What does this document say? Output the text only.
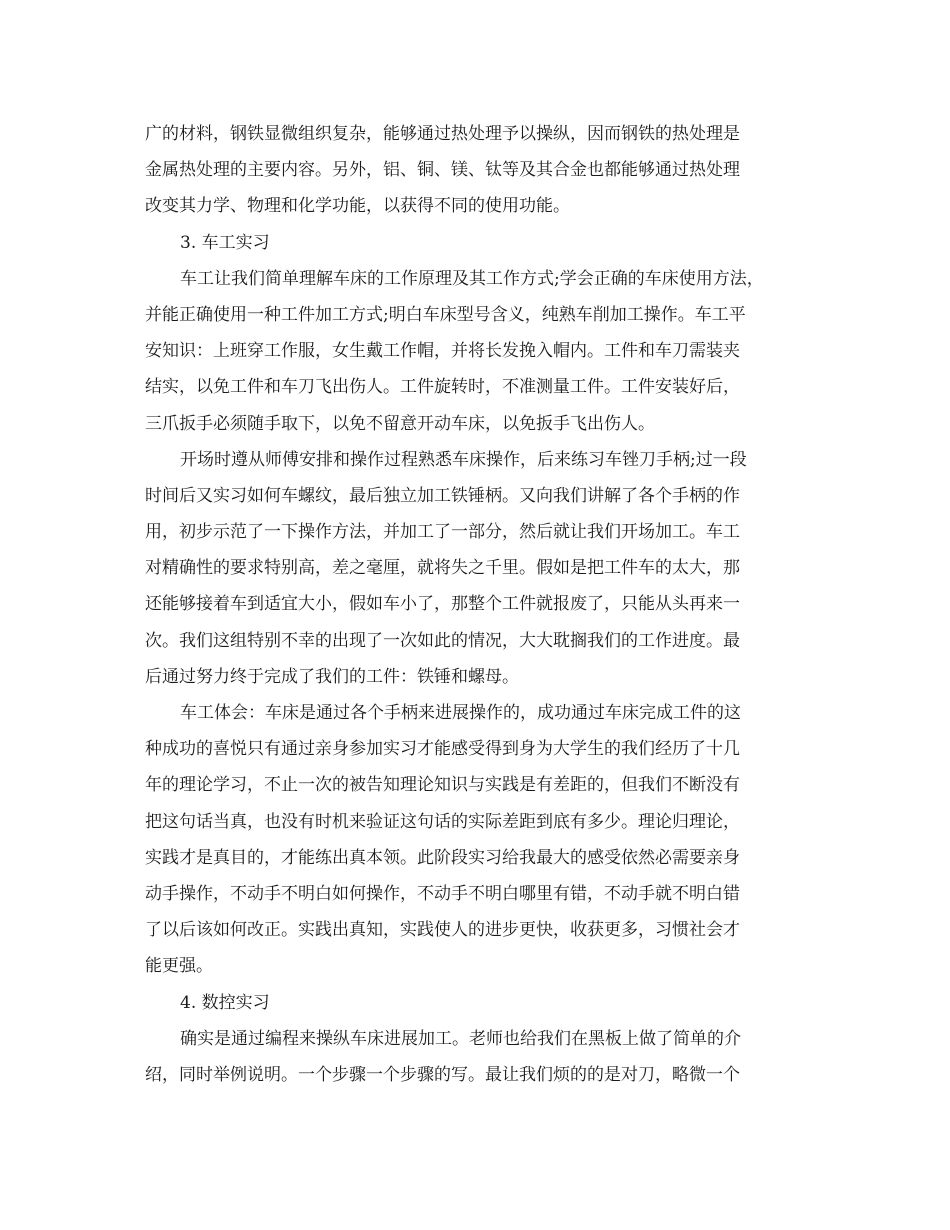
广的材料，钢铁显微组织复杂，能够通过热处理予以操纵，因而钢铁的热处理是
金属热处理的主要内容。另外，铝、铜、镁、钛等及其合金也都能够通过热处理
改变其力学、物理和化学功能，以获得不同的使用功能。
3. 车工实习
车工让我们简单理解车床的工作原理及其工作方式;学会正确的车床使用方法，
并能正确使用一种工件加工方式;明白车床型号含义，纯熟车削加工操作。车工平
安知识：上班穿工作服，女生戴工作帽，并将长发挽入帽内。工件和车刀需装夹
结实，以免工件和车刀飞出伤人。工件旋转时，不准测量工件。工件安装好后，
三爪扳手必须随手取下，以免不留意开动车床，以免扳手飞出伤人。
开场时遵从师傅安排和操作过程熟悉车床操作，后来练习车锉刀手柄;过一段
时间后又实习如何车螺纹，最后独立加工铁锤柄。又向我们讲解了各个手柄的作
用，初步示范了一下操作方法，并加工了一部分，然后就让我们开场加工。车工
对精确性的要求特别高，差之毫厘，就将失之千里。假如是把工件车的太大，那
还能够接着车到适宜大小，假如车小了，那整个工件就报废了，只能从头再来一
次。我们这组特别不幸的出现了一次如此的情况，大大耽搁我们的工作进度。最
后通过努力终于完成了我们的工件：铁锤和螺母。
车工体会：车床是通过各个手柄来进展操作的，成功通过车床完成工件的这
种成功的喜悦只有通过亲身参加实习才能感受得到身为大学生的我们经历了十几
年的理论学习，不止一次的被告知理论知识与实践是有差距的，但我们不断没有
把这句话当真，也没有时机来验证这句话的实际差距到底有多少。理论归理论，
实践才是真目的，才能练出真本领。此阶段实习给我最大的感受依然必需要亲身
动手操作，不动手不明白如何操作，不动手不明白哪里有错，不动手就不明白错
了以后该如何改正。实践出真知，实践使人的进步更快，收获更多，习惯社会才
能更强。
4. 数控实习
确实是通过编程来操纵车床进展加工。老师也给我们在黑板上做了简单的介
绍，同时举例说明。一个步骤一个步骤的写。最让我们烦的的是对刀，略微一个
